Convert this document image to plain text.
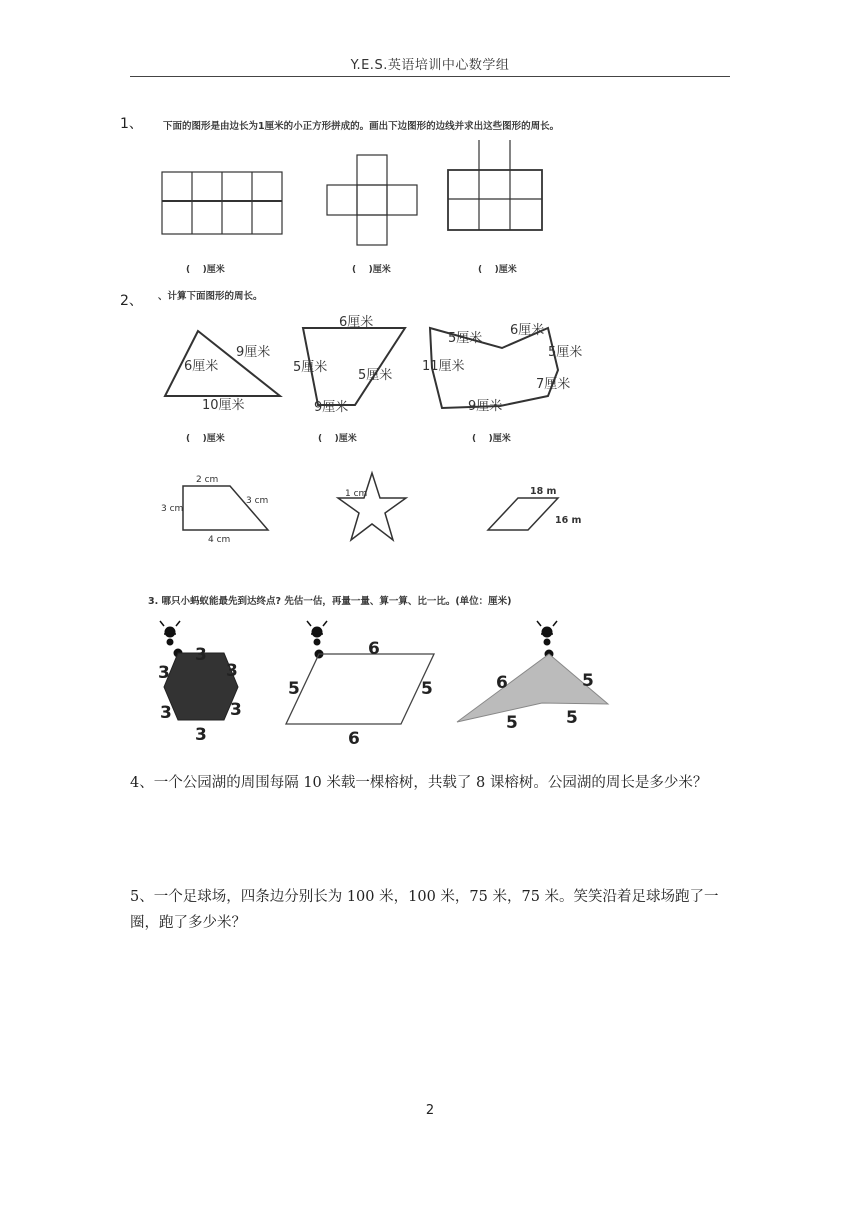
Y.E.S.英语培训中心数学组
1、 下面的图形是由边长为1厘米的小正方形拼成的。画出下边图形的边线并求出这些图形的周长。
(    )厘米	(    )厘米	(    )厘米
2、 、计算下面图形的周长。
9厘米
6厘米
10厘米
6厘米
5厘米
5厘米
9厘米
5厘米
6厘米
5厘米
11厘米
7厘米
9厘米
(    )厘米	(    )厘米	(    )厘米
2 cm
3 cm
3 cm
4 cm
1 cm	18 m
16 m
3. 哪只小蚂蚁能最先到达终点? 先估一估，再量一量、算一算、比一比。(单位：厘米)
3
3
3
3	3
3
6
5	5
6
6	5
5	5
4、一个公园湖的周围每隔 10 米载一棵榕树，共载了 8 课榕树。公园湖的周长是多少米？
5、一个足球场，四条边分别长为 100 米，100 米，75 米，75 米。笑笑沿着足球场跑了一圈，跑了多少米？
2
